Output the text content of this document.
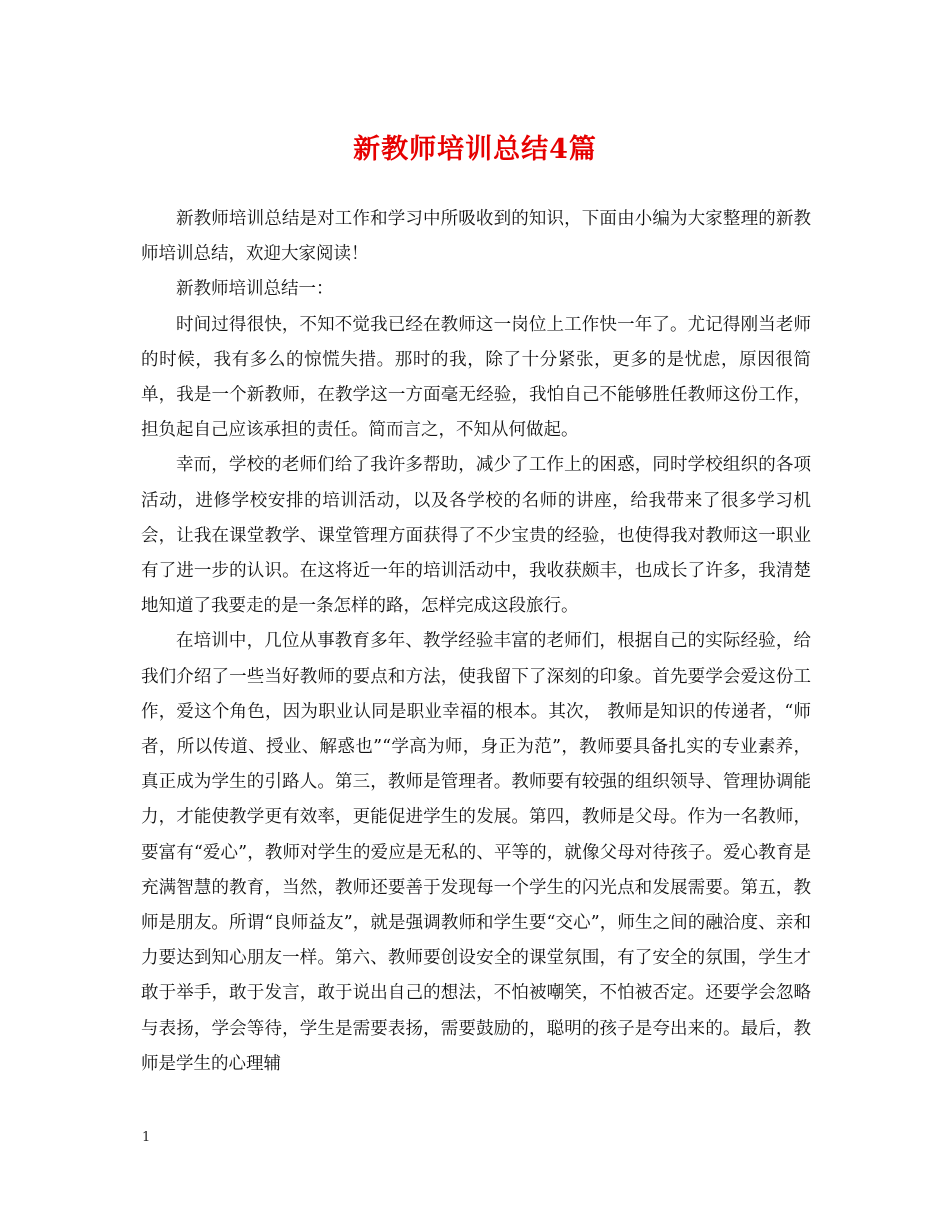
新教师培训总结4篇

新教师培训总结是对工作和学习中所吸收到的知识，下面由小编为大家整理的新教师培训总结，欢迎大家阅读！

新教师培训总结一：

时间过得很快，不知不觉我已经在教师这一岗位上工作快一年了。尤记得刚当老师的时候，我有多么的惊慌失措。那时的我，除了十分紧张，更多的是忧虑，原因很简单，我是一个新教师，在教学这一方面毫无经验，我怕自己不能够胜任教师这份工作，担负起自己应该承担的责任。简而言之，不知从何做起。

幸而，学校的老师们给了我许多帮助，减少了工作上的困惑，同时学校组织的各项活动，进修学校安排的培训活动，以及各学校的名师的讲座，给我带来了很多学习机会，让我在课堂教学、课堂管理方面获得了不少宝贵的经验，也使得我对教师这一职业有了进一步的认识。在这将近一年的培训活动中，我收获颇丰，也成长了许多，我清楚地知道了我要走的是一条怎样的路，怎样完成这段旅行。

在培训中，几位从事教育多年、教学经验丰富的老师们，根据自己的实际经验，给我们介绍了一些当好教师的要点和方法，使我留下了深刻的印象。首先要学会爱这份工作，爱这个角色，因为职业认同是职业幸福的根本。其次， 教师是知识的传递者，“师者，所以传道、授业、解惑也”“学高为师，身正为范”，教师要具备扎实的专业素养，真正成为学生的引路人。第三，教师是管理者。教师要有较强的组织领导、管理协调能力，才能使教学更有效率，更能促进学生的发展。第四，教师是父母。作为一名教师，要富有“爱心”，教师对学生的爱应是无私的、平等的，就像父母对待孩子。爱心教育是充满智慧的教育，当然，教师还要善于发现每一个学生的闪光点和发展需要。第五，教师是朋友。所谓“良师益友”，就是强调教师和学生要“交心”，师生之间的融洽度、亲和力要达到知心朋友一样。第六、教师要创设安全的课堂氛围，有了安全的氛围，学生才敢于举手，敢于发言，敢于说出自己的想法，不怕被嘲笑，不怕被否定。还要学会忽略与表扬，学会等待，学生是需要表扬，需要鼓励的，聪明的孩子是夸出来的。最后，教师是学生的心理辅

1
